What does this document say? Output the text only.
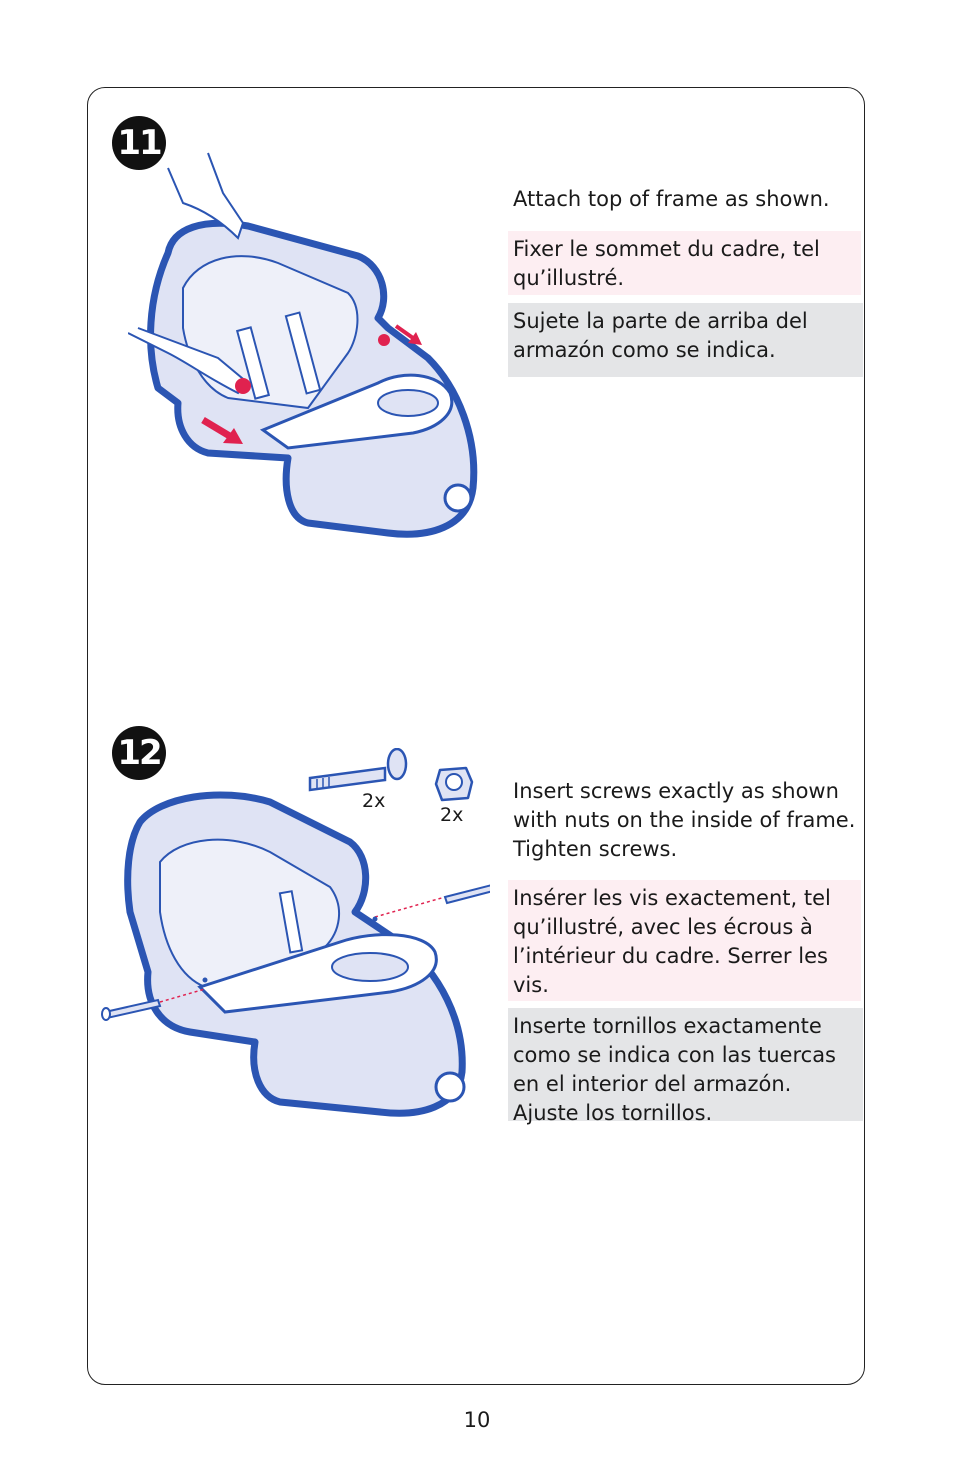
11
Attach top of frame as shown.
Fixer le sommet du cadre, tel qu’illustré.
Sujete la parte de arriba del armazón como se indica.
12
2x
2x
Insert screws exactly as shown with nuts on the inside of frame. Tighten screws.
Insérer les vis exactement, tel qu’illustré, avec les écrous à l’intérieur du cadre. Serrer les vis.
Inserte tornillos exactamente como se indica con las tuercas en el interior del armazón. Ajuste los tornillos.
10
